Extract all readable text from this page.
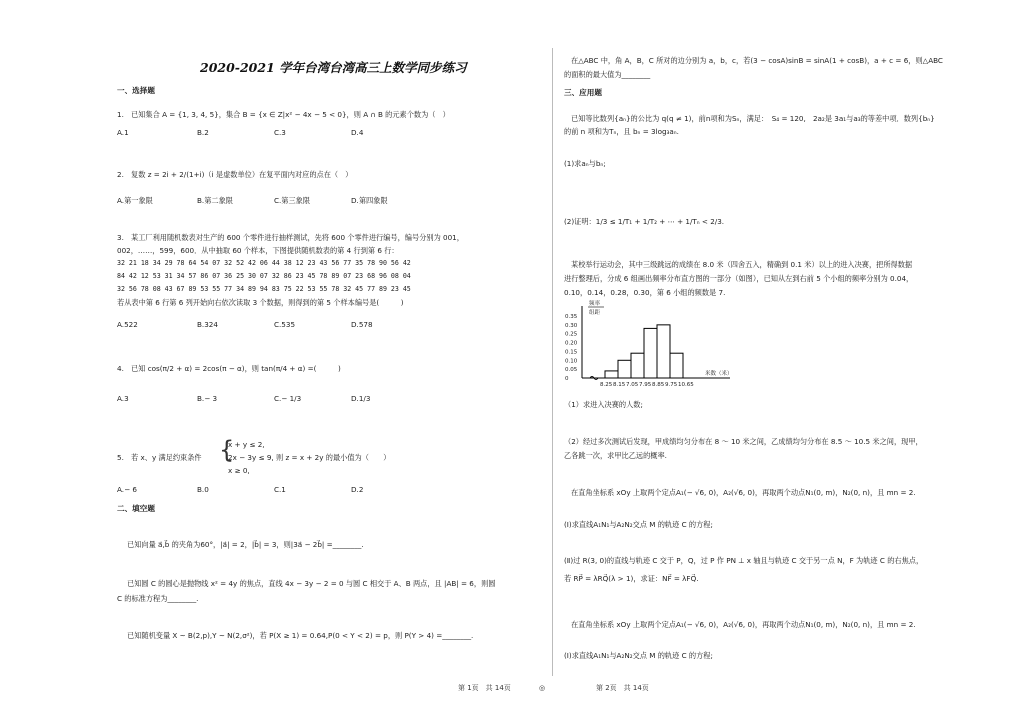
2020-2021 学年台湾台湾高三上数学同步练习
一、选择题
1.　已知集合 A = {1, 3, 4, 5}，集合 B = {x ∈ Z|x² − 4x − 5 < 0}，则 A ∩ B 的元素个数为（　）
A.1	B.2	C.3	D.4
2.　复数 z = 2i + 2/(1+i)（i 是虚数单位）在复平面内对应的点在（　）
A.第一象限	B.第二象限	C.第三象限	D.第四象限
3.　某工厂利用随机数表对生产的 600 个零件进行抽样测试，先将 600 个零件进行编号，编号分别为 001，
002，……，599，600．从中抽取 60 个样本，下图提供随机数表的第 4 行到第 6 行：
32 21 18 34 29 78 64 54 07 32 52 42 06 44 38 12 23 43 56 77 35 78 90 56 42
84 42 12 53 31 34 57 86 07 36 25 30 07 32 86 23 45 78 89 07 23 68 96 08 04
32 56 78 08 43 67 89 53 55 77 34 89 94 83 75 22 53 55 78 32 45 77 89 23 45
若从表中第 6 行第 6 列开始向右依次读取 3 个数据，则得到的第 5 个样本编号是(　　　)
A.522	B.324	C.535	D.578
4.　已知 cos(π/2 + α) = 2cos(π − α)，则 tan(π/4 + α) =(　　　)
A.3	B.− 3	C.− 1/3	D.1/3
5.　若 x、y 满足约束条件 {
x + y ≤ 2,
2x − 3y ≤ 9,
x ≥ 0,
则 z = x + 2y 的最小值为（　　）
A.− 6	B.0	C.1	D.2
二、填空题
已知向量 a⃗,b⃗ 的夹角为60°，|a⃗| = 2，|b⃗| = 3，则|3a⃗ − 2b⃗| =________.
已知圆 C 的圆心是抛物线 x² = 4y 的焦点，直线 4x − 3y − 2 = 0 与圆 C 相交于 A、B 两点，且 |AB| = 6，则圆
C 的标准方程为________.
已知随机变量 X ~ B(2,p),Y ~ N(2,σ²)，若 P(X ≥ 1) = 0.64,P(0 < Y < 2) = p，则 P(Y > 4) =________.
在△ABC 中，角 A，B，C 所对的边分别为 a，b，c，若(3 − cosA)sinB = sinA(1 + cosB)，a + c = 6，则△ABC
的面积的最大值为________
三、应用题
已知等比数列{aₙ}的公比为 q(q ≠ 1)，前n项和为Sₙ，满足：　S₄ = 120,　2a₂是 3a₁与a₃的等差中项．数列{bₙ}
的前 n 项和为Tₙ，且 bₙ = 3log₃aₙ.
(1)求aₙ与bₙ;
(2)证明：1/3 ≤ 1/T₁ + 1/T₂ + ⋯ + 1/Tₙ < 2/3.
某校举行运动会，其中三级跳远的成绩在 8.0 米（四舍五入，精确到 0.1 米）以上的进入决赛，把所得数据
进行整理后，分成 6 组画出频率分布直方图的一部分（如图），已知从左到右前 5 个小组的频率分别为 0.04，
0.10，0.14，0.28，0.30，第 6 小组的频数是 7.
频率
组距
0.35
0.30
0.25
0.20
0.15
0.10
0.05
0
8.25 8.15 7.05 7.95 8.85 9.75 10.65
米数（米）
（1）求进入决赛的人数;
（2）经过多次测试后发现，甲成绩均匀分布在 8 ～ 10 米之间，乙成绩均匀分布在 8.5 ～ 10.5 米之间，现甲，
乙各跳一次，求甲比乙远的概率.
在直角坐标系 xOy 上取两个定点A₁(− √6, 0)，A₂(√6, 0)，再取两个动点N₁(0, m)，N₂(0, n)，且 mn = 2.
(Ⅰ)求直线A₁N₁与A₂N₂交点 M 的轨迹 C 的方程;
(Ⅱ)过 R(3, 0)的直线与轨迹 C 交于 P，Q，过 P 作 PN ⊥ x 轴且与轨迹 C 交于另一点 N，F 为轨迹 C 的右焦点，
若 RP⃗ = λRQ⃗(λ > 1)，求证：NF⃗ = λFQ⃗.
在直角坐标系 xOy 上取两个定点A₁(− √6, 0)，A₂(√6, 0)，再取两个动点N₁(0, m)，N₂(0, n)，且 mn = 2.
(Ⅰ)求直线A₁N₁与A₂N₂交点 M 的轨迹 C 的方程;
第 1页　共 14页	◎	第 2页　共 14页
